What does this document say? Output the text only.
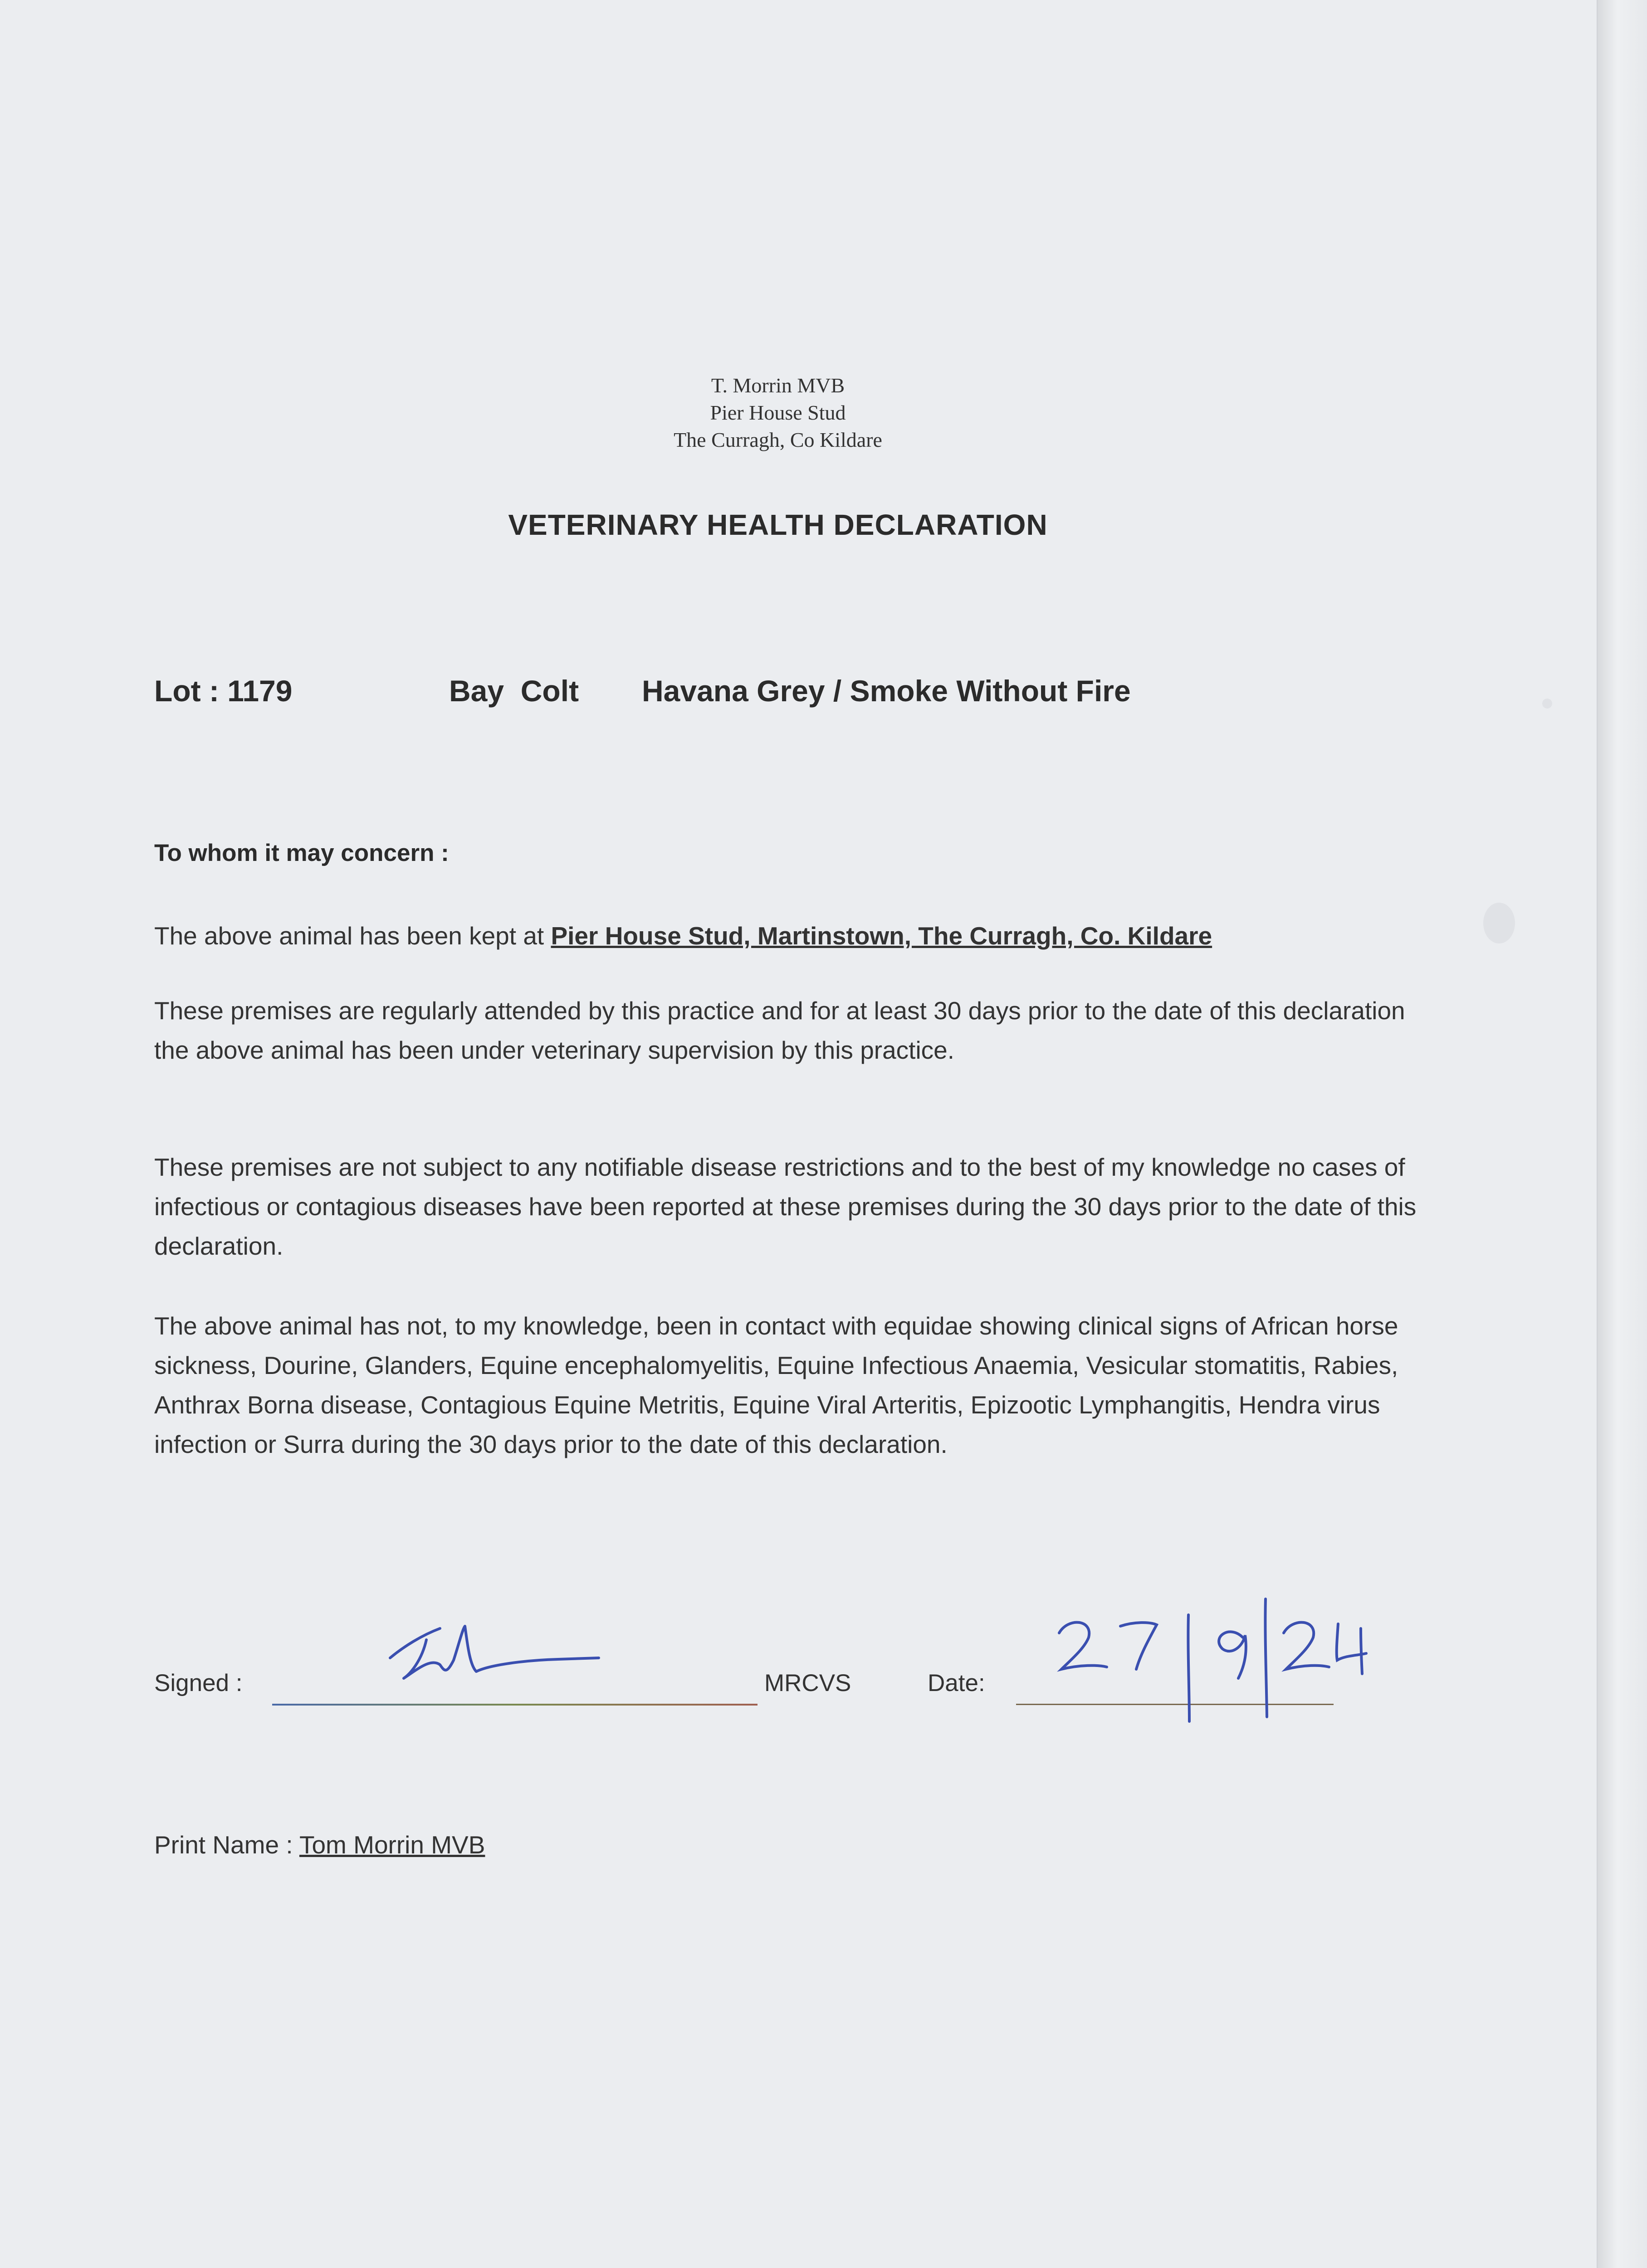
T. Morrin MVB
Pier House Stud
The Curragh, Co Kildare
VETERINARY HEALTH DECLARATION
Lot : 1179	Bay  Colt Havana Grey / Smoke Without Fire
To whom it may concern :
The above animal has been kept at Pier House Stud, Martinstown, The Curragh, Co. Kildare
These premises are regularly attended by this practice and for at least 30 days prior to the date of this declaration the above animal has been under veterinary supervision by this practice.
These premises are not subject to any notifiable disease restrictions and to the best of my knowledge no cases of infectious or contagious diseases have been reported at these premises during the 30 days prior to the date of this declaration.
The above animal has not, to my knowledge, been in contact with equidae showing clinical signs of African horse sickness, Dourine, Glanders, Equine encephalomyelitis, Equine Infectious Anaemia, Vesicular stomatitis, Rabies, Anthrax Borna disease, Contagious Equine Metritis, Equine Viral Arteritis, Epizootic Lymphangitis, Hendra virus infection or Surra during the 30 days prior to the date of this declaration.
Signed :	MRCVS	Date:
Print Name : Tom Morrin MVB
